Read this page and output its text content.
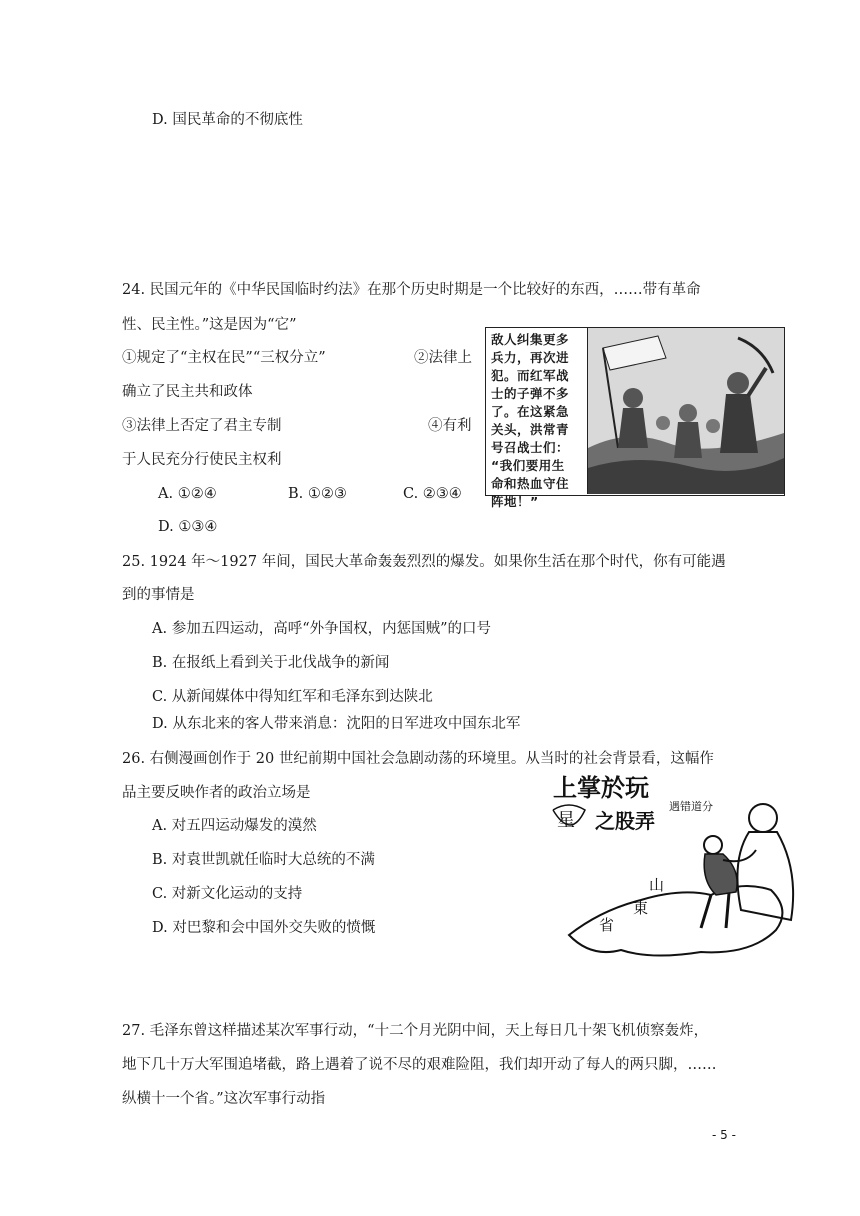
D. 国民革命的不彻底性
24. 民国元年的《中华民国临时约法》在那个历史时期是一个比较好的东西，……带有革命
性、民主性。”这是因为“它”
①规定了“主权在民”“三权分立”	②法律上
确立了民主共和政体
③法律上否定了君主专制	④有利
于人民充分行使民主权利
A. ①②④	B. ①②③	C. ②③④
D. ①③④
敌人纠集更多
兵力，再次进
犯。而红军战
士的子弹不多
了。在这紧急
关头，洪常青
号召战士们：
“我们要用生
命和热血守住
阵地！”
25. 1924 年～1927 年间，国民大革命轰轰烈烈的爆发。如果你生活在那个时代，你有可能遇
到的事情是
A. 参加五四运动，高呼“外争国权，内惩国贼”的口号
B. 在报纸上看到关于北伐战争的新闻
C. 从新闻媒体中得知红军和毛泽东到达陕北
D. 从东北来的客人带来消息：沈阳的日军进攻中国东北军
26. 右侧漫画创作于 20 世纪前期中国社会急剧动荡的环境里。从当时的社会背景看，这幅作
品主要反映作者的政治立场是
A. 对五四运动爆发的漠然
B. 对袁世凯就任临时大总统的不满
C. 对新文化运动的支持
D. 对巴黎和会中国外交失败的愤慨
上掌於玩
之股弄
星
遇错道分
山
東
省
27. 毛泽东曾这样描述某次军事行动，“十二个月光阴中间，天上每日几十架飞机侦察轰炸，
地下几十万大军围追堵截，路上遇着了说不尽的艰难险阻，我们却开动了每人的两只脚，……
纵横十一个省。”这次军事行动指
- 5 -
